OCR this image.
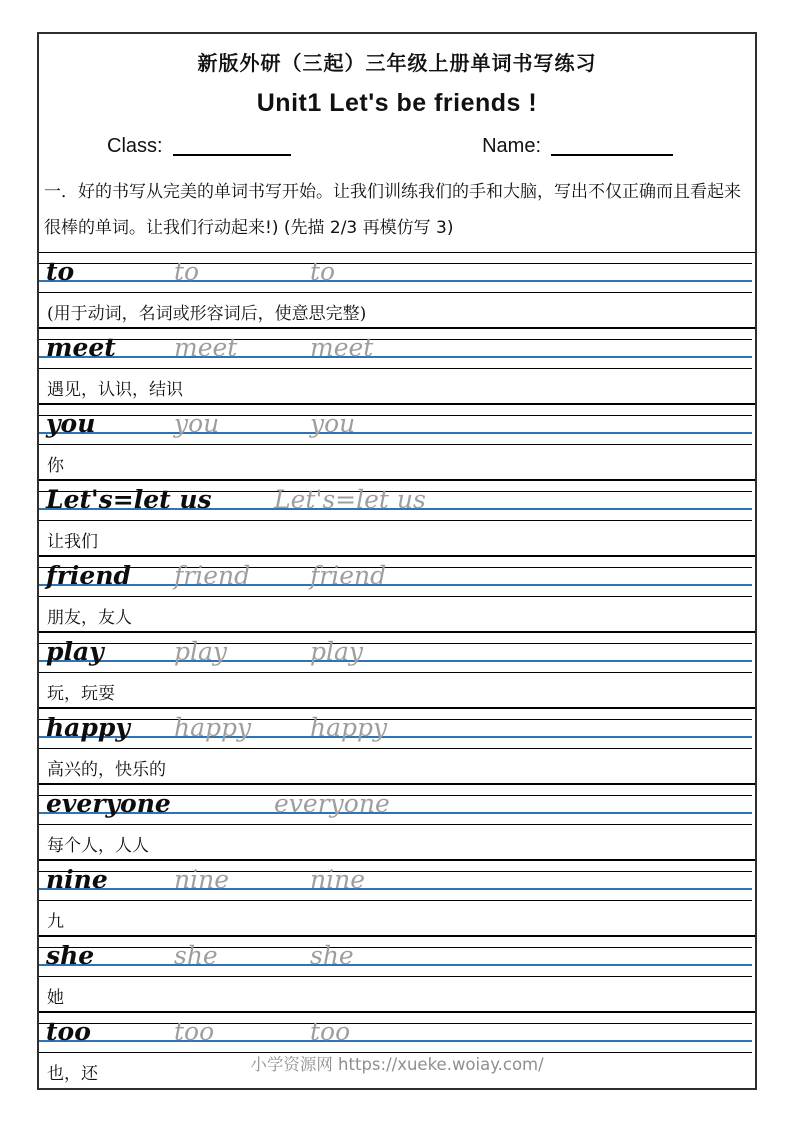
新版外研（三起）三年级上册单词书写练习
Unit1 Let's be friends !
Class:	Name:
一．好的书写从完美的单词书写开始。让我们训练我们的手和大脑，写出不仅正确而且看起来很棒的单词。让我们行动起来!) (先描 2/3 再模仿写 3)
to	to	to
(用于动词，名词或形容词后，使意思完整)
meet	meet	meet
遇见，认识，结识
you	you	you
你
Let's=let us	Let's=let us
让我们
friend	friend	friend
朋友，友人
play	play	play
玩，玩耍
happy	happy	happy
高兴的，快乐的
everyone	everyone
每个人，人人
nine	nine	nine
九
she	she	she
她
too	too	too
也，还	小学资源网 https://xueke.woiay.com/
